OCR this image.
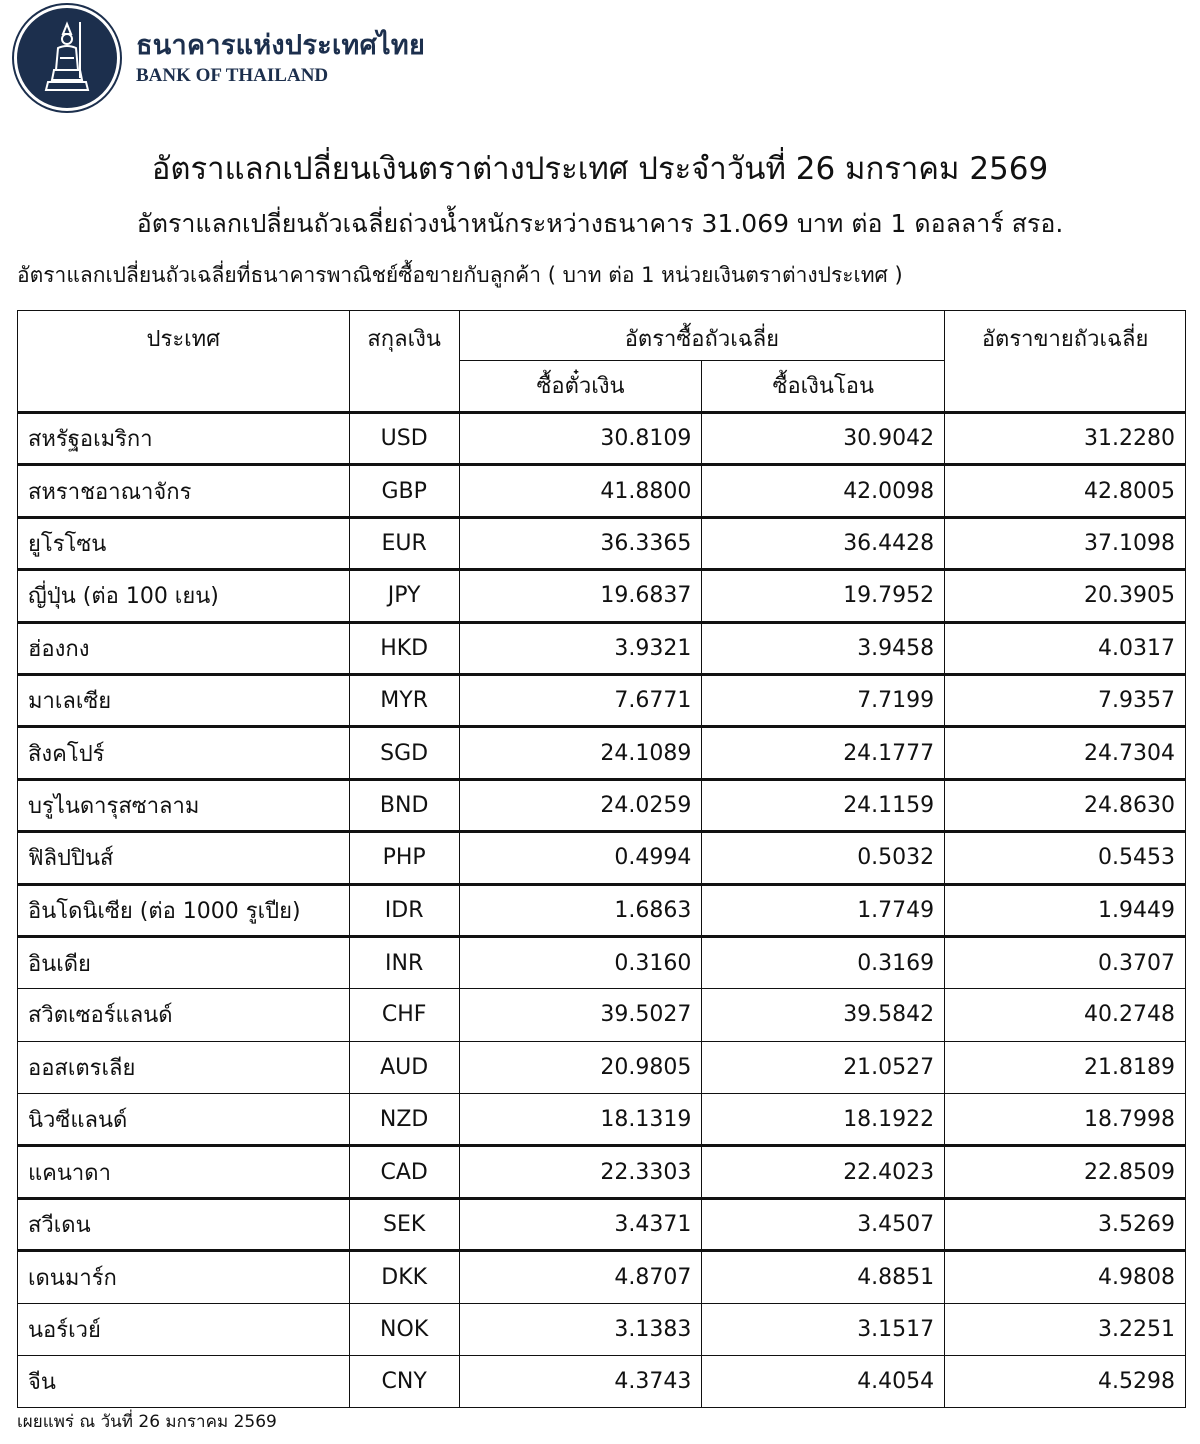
ธนาคารแห่งประเทศไทย
BANK OF THAILAND
อัตราแลกเปลี่ยนเงินตราต่างประเทศ ประจำวันที่ 26 มกราคม 2569
อัตราแลกเปลี่ยนถัวเฉลี่ยถ่วงน้ำหนักระหว่างธนาคาร 31.069 บาท ต่อ 1 ดอลลาร์ สรอ.
อัตราแลกเปลี่ยนถัวเฉลี่ยที่ธนาคารพาณิชย์ซื้อขายกับลูกค้า ( บาท ต่อ 1 หน่วยเงินตราต่างประเทศ )
ประเทศ	สกุลเงิน	อัตราซื้อถัวเฉลี่ย		อัตราขายถัวเฉลี่ย
		ซื้อตั๋วเงิน	ซื้อเงินโอน	
สหรัฐอเมริกา	USD	30.8109	30.9042	31.2280
สหราชอาณาจักร	GBP	41.8800	42.0098	42.8005
ยูโรโซน	EUR	36.3365	36.4428	37.1098
ญี่ปุ่น (ต่อ 100 เยน)	JPY	19.6837	19.7952	20.3905
ฮ่องกง	HKD	3.9321	3.9458	4.0317
มาเลเซีย	MYR	7.6771	7.7199	7.9357
สิงคโปร์	SGD	24.1089	24.1777	24.7304
บรูไนดารุสซาลาม	BND	24.0259	24.1159	24.8630
ฟิลิปปินส์	PHP	0.4994	0.5032	0.5453
อินโดนิเซีย (ต่อ 1000 รูเปีย)	IDR	1.6863	1.7749	1.9449
อินเดีย	INR	0.3160	0.3169	0.3707
สวิตเซอร์แลนด์	CHF	39.5027	39.5842	40.2748
ออสเตรเลีย	AUD	20.9805	21.0527	21.8189
นิวซีแลนด์	NZD	18.1319	18.1922	18.7998
แคนาดา	CAD	22.3303	22.4023	22.8509
สวีเดน	SEK	3.4371	3.4507	3.5269
เดนมาร์ก	DKK	4.8707	4.8851	4.9808
นอร์เวย์	NOK	3.1383	3.1517	3.2251
จีน	CNY	4.3743	4.4054	4.5298
เผยแพร่ ณ วันที่ 26 มกราคม 2569
